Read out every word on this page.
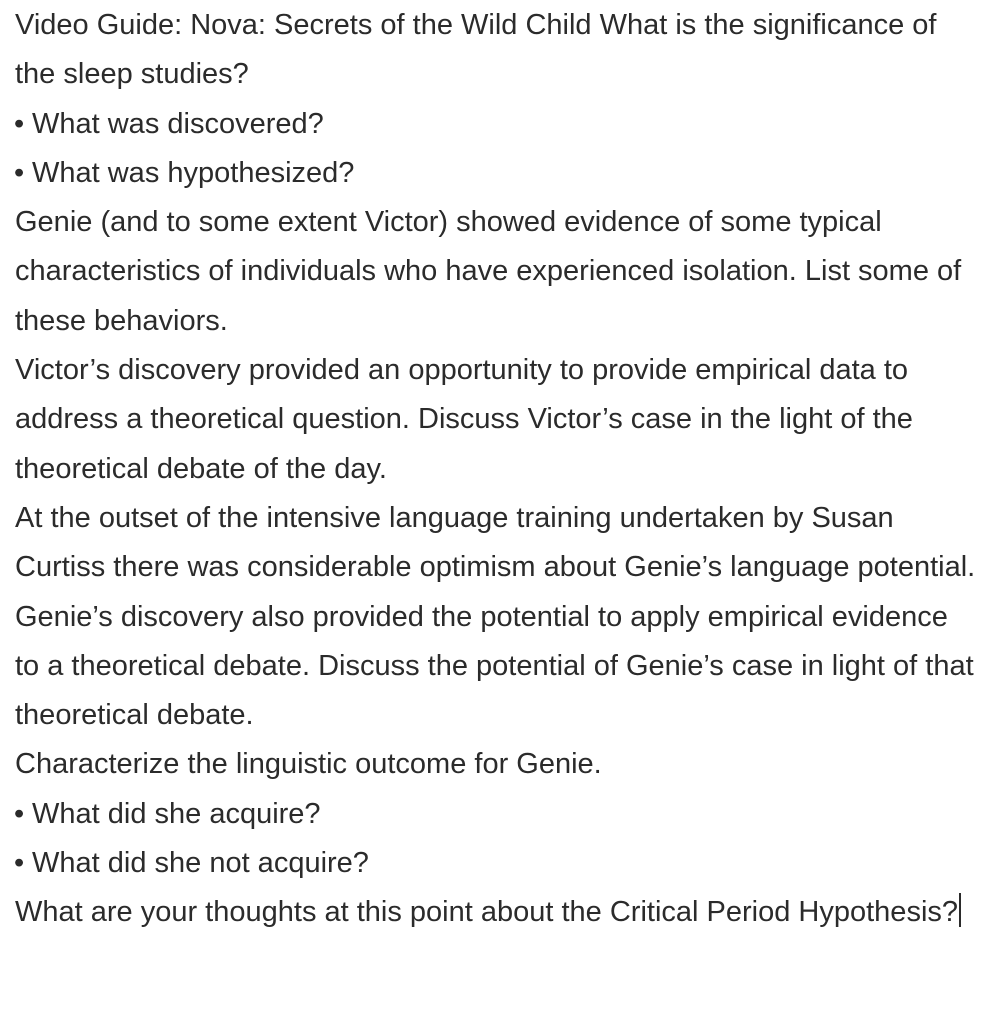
Video Guide: Nova: Secrets of the Wild Child What is the significance of the sleep studies?

• What was discovered?

• What was hypothesized?

Genie (and to some extent Victor) showed evidence of some typical characteristics of individuals who have experienced isolation. List some of these behaviors.

Victor’s discovery provided an opportunity to provide empirical data to address a theoretical question. Discuss Victor’s case in the light of the theoretical debate of the day.

At the outset of the intensive language training undertaken by Susan Curtiss there was considerable optimism about Genie’s language potential. Genie’s discovery also provided the potential to apply empirical evidence to a theoretical debate. Discuss the potential of Genie’s case in light of that theoretical debate.

Characterize the linguistic outcome for Genie.

• What did she acquire?

• What did she not acquire?

What are your thoughts at this point about the Critical Period Hypothesis?
